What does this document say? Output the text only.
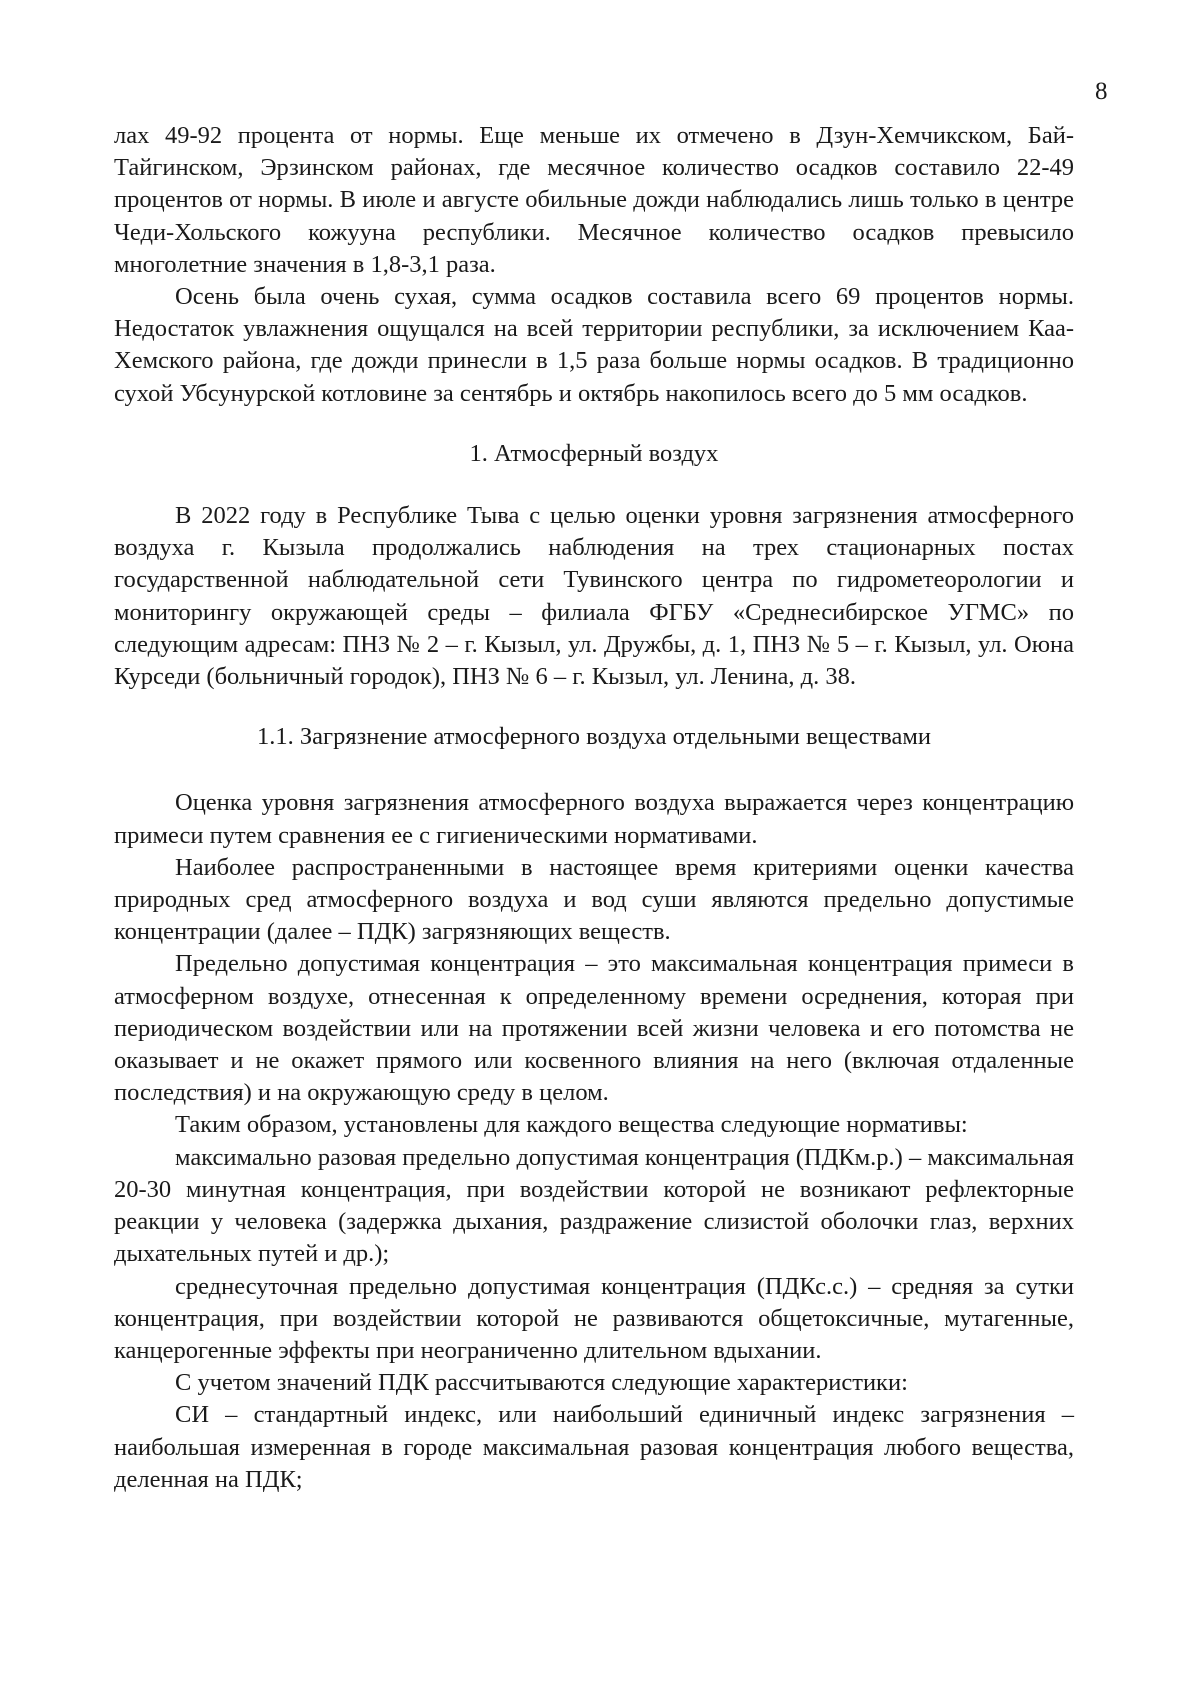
8

лах 49-92 процента от нормы. Еще меньше их отмечено в Дзун-Хемчикском, Бай-Тайгинском, Эрзинском районах, где месячное количество осадков составило 22-49 процентов от нормы. В июле и августе обильные дожди наблюдались лишь только в центре Чеди-Хольского кожууна республики. Месячное количество осадков превысило многолетние значения в 1,8-3,1 раза.

Осень была очень сухая, сумма осадков составила всего 69 процентов нормы. Недостаток увлажнения ощущался на всей территории республики, за исключением Каа-Хемского района, где дожди принесли в 1,5 раза больше нормы осадков. В традиционно сухой Убсунурской котловине за сентябрь и октябрь накопилось всего до 5 мм осадков.

1. Атмосферный воздух

В 2022 году в Республике Тыва с целью оценки уровня загрязнения атмосферного воздуха г. Кызыла продолжались наблюдения на трех стационарных постах государственной наблюдательной сети Тувинского центра по гидрометеорологии и мониторингу окружающей среды – филиала ФГБУ «Среднесибирское УГМС» по следующим адресам: ПНЗ № 2 – г. Кызыл, ул. Дружбы, д. 1, ПНЗ № 5 – г. Кызыл, ул. Оюна Курседи (больничный городок), ПНЗ № 6 – г. Кызыл, ул. Ленина, д. 38.

1.1. Загрязнение атмосферного воздуха отдельными веществами

Оценка уровня загрязнения атмосферного воздуха выражается через концентрацию примеси путем сравнения ее с гигиеническими нормативами.

Наиболее распространенными в настоящее время критериями оценки качества природных сред атмосферного воздуха и вод суши являются предельно допустимые концентрации (далее – ПДК) загрязняющих веществ.

Предельно допустимая концентрация – это максимальная концентрация примеси в атмосферном воздухе, отнесенная к определенному времени осреднения, которая при периодическом воздействии или на протяжении всей жизни человека и его потомства не оказывает и не окажет прямого или косвенного влияния на него (включая отдаленные последствия) и на окружающую среду в целом.

Таким образом, установлены для каждого вещества следующие нормативы:

максимально разовая предельно допустимая концентрация (ПДКм.р.) – максимальная 20-30 минутная концентрация, при воздействии которой не возникают рефлекторные реакции у человека (задержка дыхания, раздражение слизистой оболочки глаз, верхних дыхательных путей и др.);

среднесуточная предельно допустимая концентрация (ПДКс.с.) – средняя за сутки концентрация, при воздействии которой не развиваются общетоксичные, мутагенные, канцерогенные эффекты при неограниченно длительном вдыхании.

С учетом значений ПДК рассчитываются следующие характеристики:

СИ – стандартный индекс, или наибольший единичный индекс загрязнения – наибольшая измеренная в городе максимальная разовая концентрация любого вещества, деленная на ПДК;
